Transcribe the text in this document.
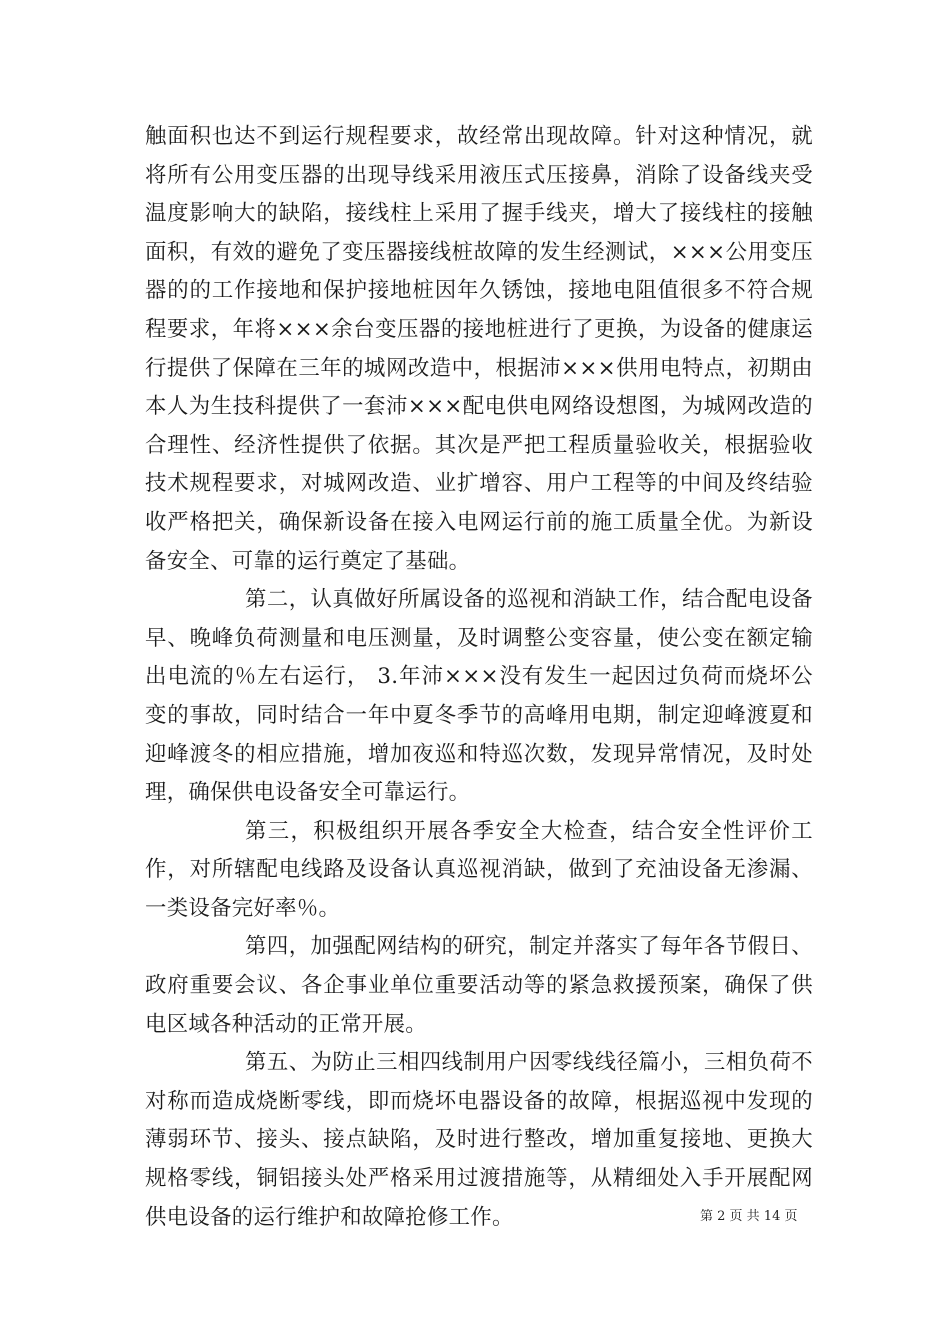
触面积也达不到运行规程要求，故经常出现故障。针对这种情况，就将所有公用变压器的出现导线采用液压式压接鼻，消除了设备线夹受温度影响大的缺陷，接线柱上采用了握手线夹，增大了接线柱的接触面积，有效的避免了变压器接线桩故障的发生经测试，×××公用变压器的的工作接地和保护接地桩因年久锈蚀，接地电阻值很多不符合规程要求，年将×××余台变压器的接地桩进行了更换，为设备的健康运行提供了保障在三年的城网改造中，根据沛×××供用电特点，初期由本人为生技科提供了一套沛×××配电供电网络设想图，为城网改造的合理性、经济性提供了依据。其次是严把工程质量验收关，根据验收技术规程要求，对城网改造、业扩增容、用户工程等的中间及终结验收严格把关，确保新设备在接入电网运行前的施工质量全优。为新设备安全、可靠的运行奠定了基础。

第二，认真做好所属设备的巡视和消缺工作，结合配电设备早、晚峰负荷测量和电压测量，及时调整公变容量，使公变在额定输出电流的％左右运行， 3.年沛×××没有发生一起因过负荷而烧坏公变的事故，同时结合一年中夏冬季节的高峰用电期，制定迎峰渡夏和迎峰渡冬的相应措施，增加夜巡和特巡次数，发现异常情况，及时处理，确保供电设备安全可靠运行。

第三，积极组织开展各季安全大检查，结合安全性评价工作，对所辖配电线路及设备认真巡视消缺，做到了充油设备无渗漏、一类设备完好率％。

第四，加强配网结构的研究，制定并落实了每年各节假日、政府重要会议、各企事业单位重要活动等的紧急救援预案，确保了供电区域各种活动的正常开展。

第五、为防止三相四线制用户因零线线径篇小，三相负荷不对称而造成烧断零线，即而烧坏电器设备的故障，根据巡视中发现的薄弱环节、接头、接点缺陷，及时进行整改，增加重复接地、更换大规格零线，铜铝接头处严格采用过渡措施等，从精细处入手开展配网供电设备的运行维护和故障抢修工作。	第 2 页 共 14 页
